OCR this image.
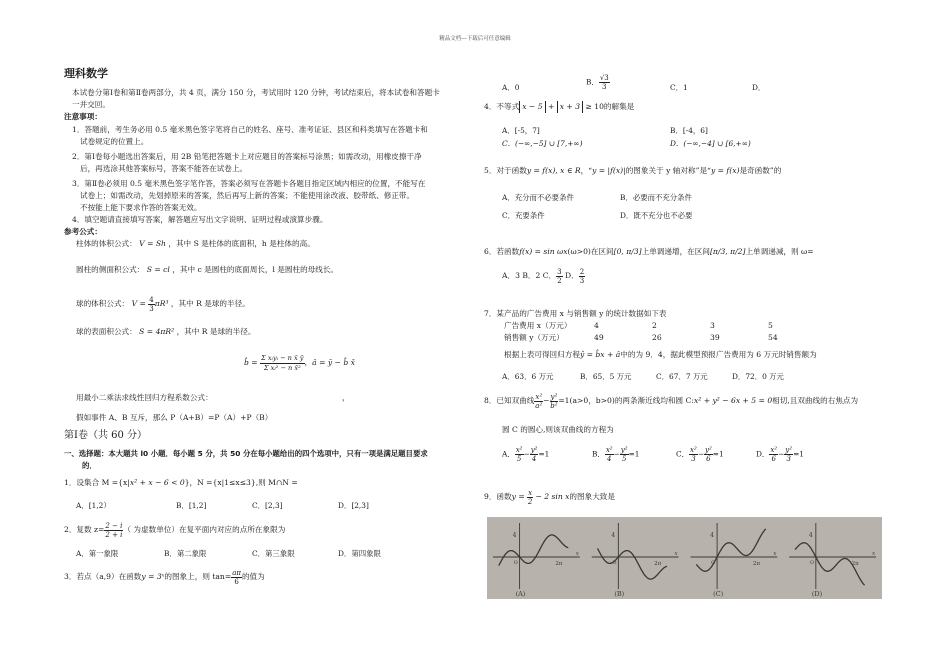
精品文档---下载后可任意编辑
理科数学
本试卷分第Ⅰ卷和第Ⅱ卷两部分，共 4 页，满分 150 分，考试用时 120 分钟，考试结束后，将本试卷和答题卡
一并交回。
注意事项：
1．答题前，考生务必用 0.5 毫米黑色签字笔将自己的姓名、座号、准考证证、县区和科类填写在答题卡和
试卷规定的位置上。
2．第Ⅰ卷每小题选出答案后，用 2B 铅笔把答题卡上对应题目的答案标号涂黑；如需改动，用橡皮擦干净
后，再选涂其他答案标号，答案不能答在试卷上。
3．第Ⅱ卷必须用 0.5 毫米黑色签字笔作答，答案必须写在答题卡各题目指定区域内相应的位置，不能写在
试卷上；如需改动，先划掉原来的答案，然后再写上新的答案；不能使用涂改液、胶带纸、修正带。
不按能上能下要求作答的答案无效。
4．填空题请直接填写答案，解答题应写出文字说明、证明过程或演算步骤。
参考公式：
柱体的体积公式： V = Sh ，其中 S 是柱体的底面积，h 是柱体的高。
圆柱的侧面积公式： S = cl ，其中 c 是圆柱的底面周长，l 是圆柱的母线长。
球的体积公式： $V = \frac{4}{3} \pi R^3$ ，其中 R 是球的半径。
球的表面积公式： S = 4πR² ，其中 R 是球的半径。
b̂ = $\frac{\text{Σ xᵢyᵢ − n x̄ ȳ}}{\text{Σ xᵢ² − n x̄²}}$ ，â = ȳ − b̂ x̄
用最小二乘法求线性回归方程系数公式：	，
假如事件 A、B 互斥，那么 P（A+B）=P（A）+P（B）
第Ⅰ卷（共 60 分）
一、选择题：本大题共 l0 小题．每小题 5 分，共 50 分在每小题给出的四个选项中，只有一项是满足题目要求
的．
1．设集合 M ={x|x² + x − 6 < 0}，N ={x|1≤x≤3},则 M∩N =
A．[1,2）	B．[1,2]	C．[2,3]	D．[2,3]
2．复数 $z= \frac{2 - i}{2 + i}$ （ 为虚数单位）在复平面内对应的点所在象限为
A．第一象限	B．第二象限	C．第三象限	D．第四象限
3．若点（a,9）在函数y = 3ˣ的图象上，则 $\tan= \frac{a\pi}{6}$ 的值为
A．0
B． $\frac{√3}{3}$	C．1	D．
4．不等式 x − 5 + x + 3 ≥ 10的解集是
A．[-5，7]	B．[-4，6]
C．(−∞,−5] ∪ [7,+∞)	D．(−∞,−4] ∪ [6,+∞)
5．对于函数y = f(x), x ∈ R，“y = |f(x)|的图象关于 y 轴对称”是“y = f(x)是奇函数”的
A．充分而不必要条件	B．必要而不充分条件
C．充要条件	D．既不充分也不必要
6．若函数f(x) = sin ωx(ω>0)在区间[0, π/3]上单调递增，在区间[π/3, π/2]上单调递减，则 ω=
A．3 B．2 C． $\frac{3}{2}$ D． $\frac{2}{3}$
7．某产品的广告费用 x 与销售额 y 的统计数据如下表
广告费用 x（万元）	4	2	3	5
销售额 y（万元）	49	26	39	54
根据上表可得回归方程ŷ = b̂x + â中的为 9．4，据此模型预报广告费用为 6 万元时销售额为
A．63．6 万元	B．65．5 万元	C．67．7 万元	D．72．0 万元
8．已知双曲线 $\frac{\text{x²}}{\text{a²}} - \frac{\text{y²}}{\text{b²}} =1(a>0$，b>0)的两条渐近线均和圆 C:x² + y² − 6x + 5 = 0相切,且双曲线的右焦点为
圆 C 的圆心,则该双曲线的方程为
A． $\frac{\text{x²}}{5} - \frac{\text{y²}}{4} =1$	B． $\frac{\text{x²}}{4} - \frac{\text{y²}}{5} =1$	C． $\frac{\text{x²}}{3} - \frac{\text{y²}}{6} =1$	D． $\frac{\text{x²}}{6} - \frac{\text{y²}}{3} =1$
9．函数$y = \frac{x}{2} - 2$ sin x的图象大致是
4
2π
x
O
(A)
4
2π
x
O
(B)
4
2π
x
O
(C)
4
2π
x
O
(D)
